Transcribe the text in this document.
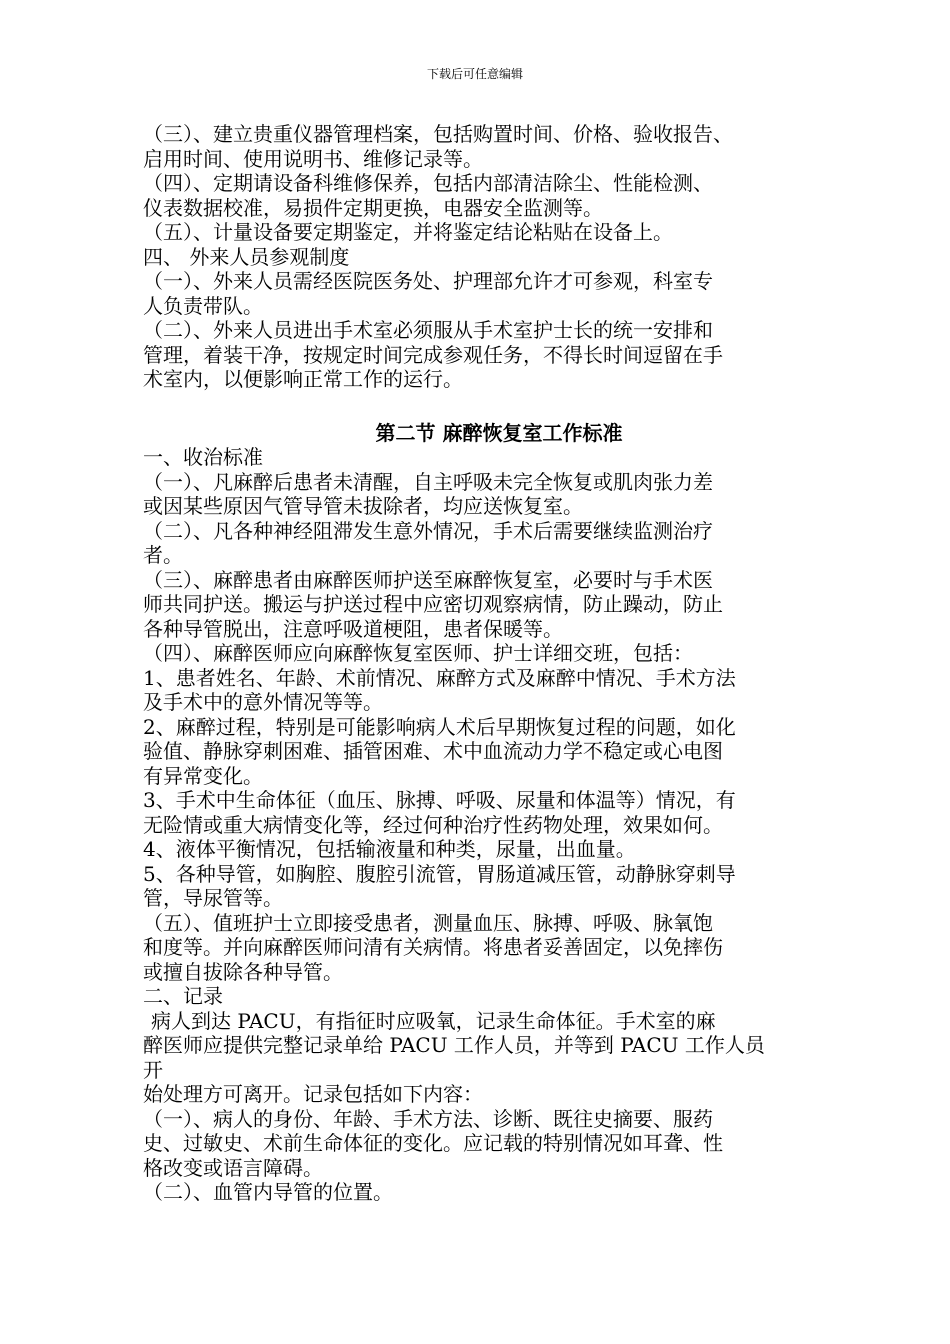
下载后可任意编辑
（三）、建立贵重仪器管理档案，包括购置时间、价格、验收报告、
启用时间、使用说明书、维修记录等。
（四）、定期请设备科维修保养，包括内部清洁除尘、性能检测、
仪表数据校准，易损件定期更换，电器安全监测等。
（五）、计量设备要定期鉴定，并将鉴定结论粘贴在设备上。
四、 外来人员参观制度
（一）、外来人员需经医院医务处、护理部允许才可参观，科室专
人负责带队。
（二）、外来人员进出手术室必须服从手术室护士长的统一安排和
管理，着装干净，按规定时间完成参观任务，不得长时间逗留在手
术室内，以便影响正常工作的运行。
第二节 麻醉恢复室工作标准
一、收治标准
（一）、凡麻醉后患者未清醒，自主呼吸未完全恢复或肌肉张力差
或因某些原因气管导管未拔除者，均应送恢复室。
（二）、凡各种神经阻滞发生意外情况，手术后需要继续监测治疗
者。
（三）、麻醉患者由麻醉医师护送至麻醉恢复室，必要时与手术医
师共同护送。搬运与护送过程中应密切观察病情，防止躁动，防止
各种导管脱出，注意呼吸道梗阻，患者保暖等。
（四）、麻醉医师应向麻醉恢复室医师、护士详细交班，包括：
1、患者姓名、年龄、术前情况、麻醉方式及麻醉中情况、手术方法
及手术中的意外情况等等。
2、麻醉过程，特别是可能影响病人术后早期恢复过程的问题，如化
验值、静脉穿刺困难、插管困难、术中血流动力学不稳定或心电图
有异常变化。
3、手术中生命体征（血压、脉搏、呼吸、尿量和体温等）情况，有
无险情或重大病情变化等，经过何种治疗性药物处理，效果如何。
4、液体平衡情况，包括输液量和种类，尿量，出血量。
5、各种导管，如胸腔、腹腔引流管，胃肠道减压管，动静脉穿刺导
管，导尿管等。
（五）、值班护士立即接受患者，测量血压、脉搏、呼吸、脉氧饱
和度等。并向麻醉医师问清有关病情。将患者妥善固定，以免摔伤
或擅自拔除各种导管。
二、记录
病人到达 PACU，有指征时应吸氧，记录生命体征。手术室的麻
醉医师应提供完整记录单给 PACU 工作人员，并等到 PACU 工作人员
开
始处理方可离开。记录包括如下内容：
（一）、病人的身份、年龄、手术方法、诊断、既往史摘要、服药
史、过敏史、术前生命体征的变化。应记载的特别情况如耳聋、性
格改变或语言障碍。
（二）、血管内导管的位置。
